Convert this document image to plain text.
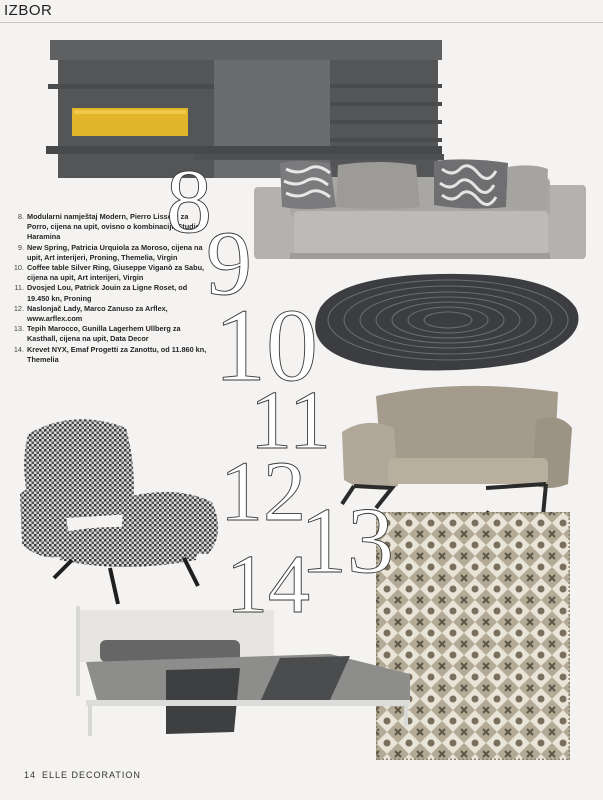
IZBOR
8. Modularni namještaj Modern, Pierro Lissoni za Porro, cijena na upit, ovisno o kombinaciji, Studio Haramina
9. New Spring, Patricia Urquiola za Moroso, cijena na upit, Art interijeri, Proning, Themelia, Virgin
10. Coffee table Silver Ring, Giuseppe Viganò za Sabu, cijena na upit, Art interijeri, Virgin
11. Dvosjed Lou, Patrick Jouin za Ligne Roset, od 19.450 kn, Proning
12. Naslonjač Lady, Marco Zanuso za Arflex, www.arflex.com
13. Tepih Marocco, Gunilla Lagerhem Ullberg za Kasthall, cijena na upit, Data Decor
14. Krevet NYX, Emaf Progetti za Zanottu, od 11.860 kn, Themelia
8
9
10
11
12
13
14
14 ELLE DECORATION
